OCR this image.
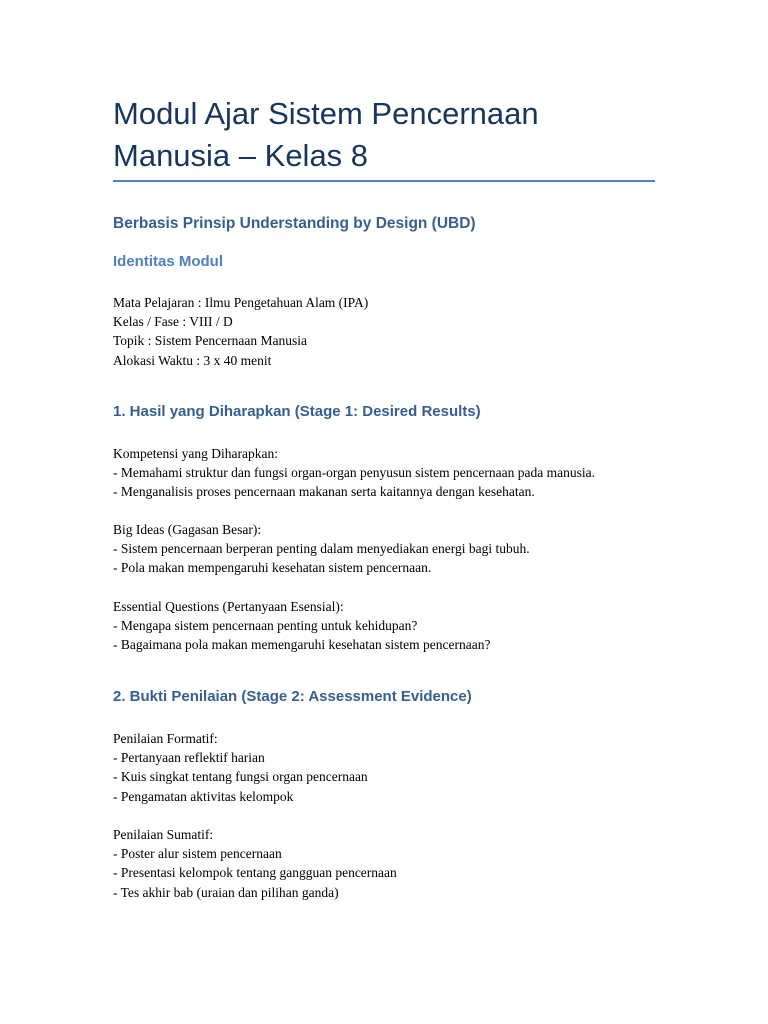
Modul Ajar Sistem Pencernaan Manusia – Kelas 8
Berbasis Prinsip Understanding by Design (UBD)
Identitas Modul
Mata Pelajaran : Ilmu Pengetahuan Alam (IPA)
Kelas / Fase : VIII / D
Topik : Sistem Pencernaan Manusia
Alokasi Waktu : 3 x 40 menit
1. Hasil yang Diharapkan (Stage 1: Desired Results)
Kompetensi yang Diharapkan:
- Memahami struktur dan fungsi organ-organ penyusun sistem pencernaan pada manusia.
- Menganalisis proses pencernaan makanan serta kaitannya dengan kesehatan.
Big Ideas (Gagasan Besar):
- Sistem pencernaan berperan penting dalam menyediakan energi bagi tubuh.
- Pola makan mempengaruhi kesehatan sistem pencernaan.
Essential Questions (Pertanyaan Esensial):
- Mengapa sistem pencernaan penting untuk kehidupan?
- Bagaimana pola makan memengaruhi kesehatan sistem pencernaan?
2. Bukti Penilaian (Stage 2: Assessment Evidence)
Penilaian Formatif:
- Pertanyaan reflektif harian
- Kuis singkat tentang fungsi organ pencernaan
- Pengamatan aktivitas kelompok
Penilaian Sumatif:
- Poster alur sistem pencernaan
- Presentasi kelompok tentang gangguan pencernaan
- Tes akhir bab (uraian dan pilihan ganda)
